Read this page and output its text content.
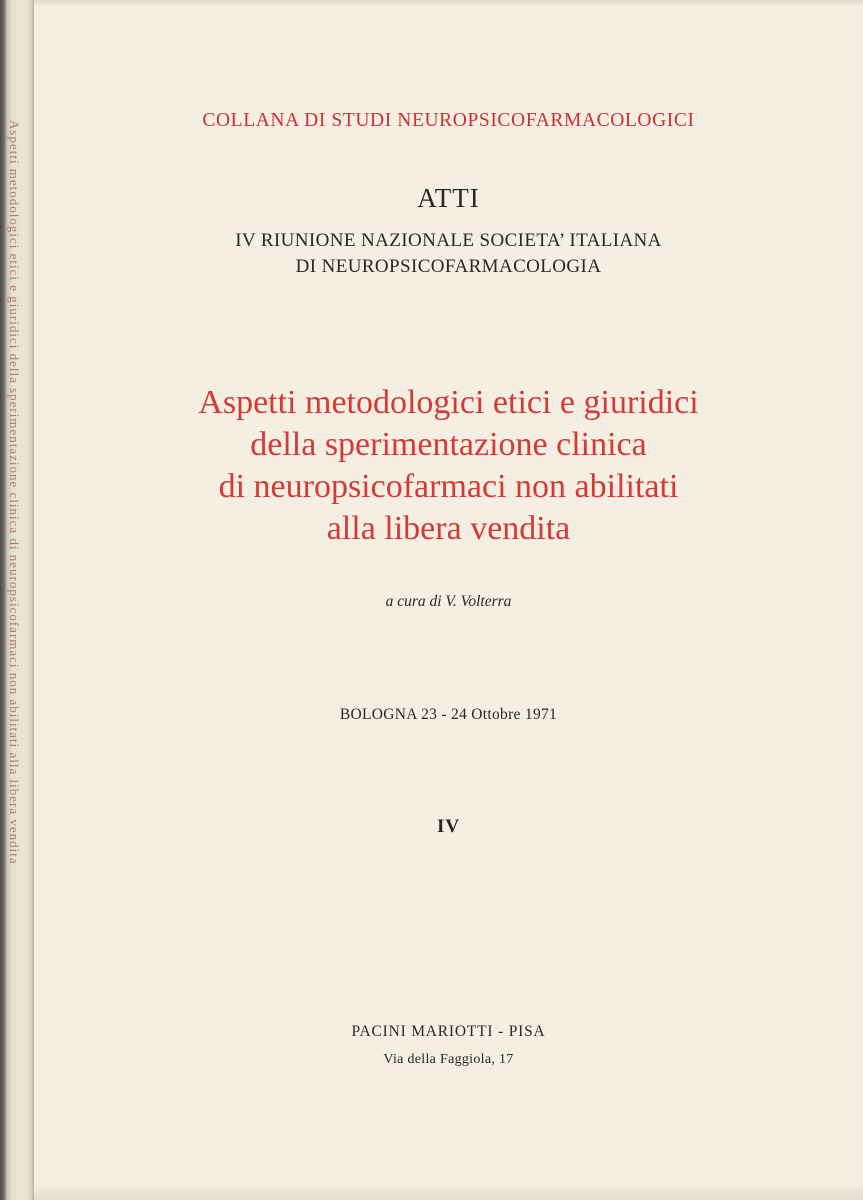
Aspetti metodologici etici e giuridici della sperimentazione clinica di neuropsicofarmaci non abilitati alla libera vendita	COLLANA DI STUDI NEUROPSICOFARMACOLOGICI
ATTI
IV RIUNIONE NAZIONALE SOCIETA’ ITALIANA
DI NEUROPSICOFARMACOLOGIA
Aspetti metodologici etici e giuridici
della sperimentazione clinica
di neuropsicofarmaci non abilitati
alla libera vendita
a cura di V. Volterra
BOLOGNA 23 - 24 Ottobre 1971
IV
PACINI MARIOTTI - PISA
Via della Faggiola, 17
